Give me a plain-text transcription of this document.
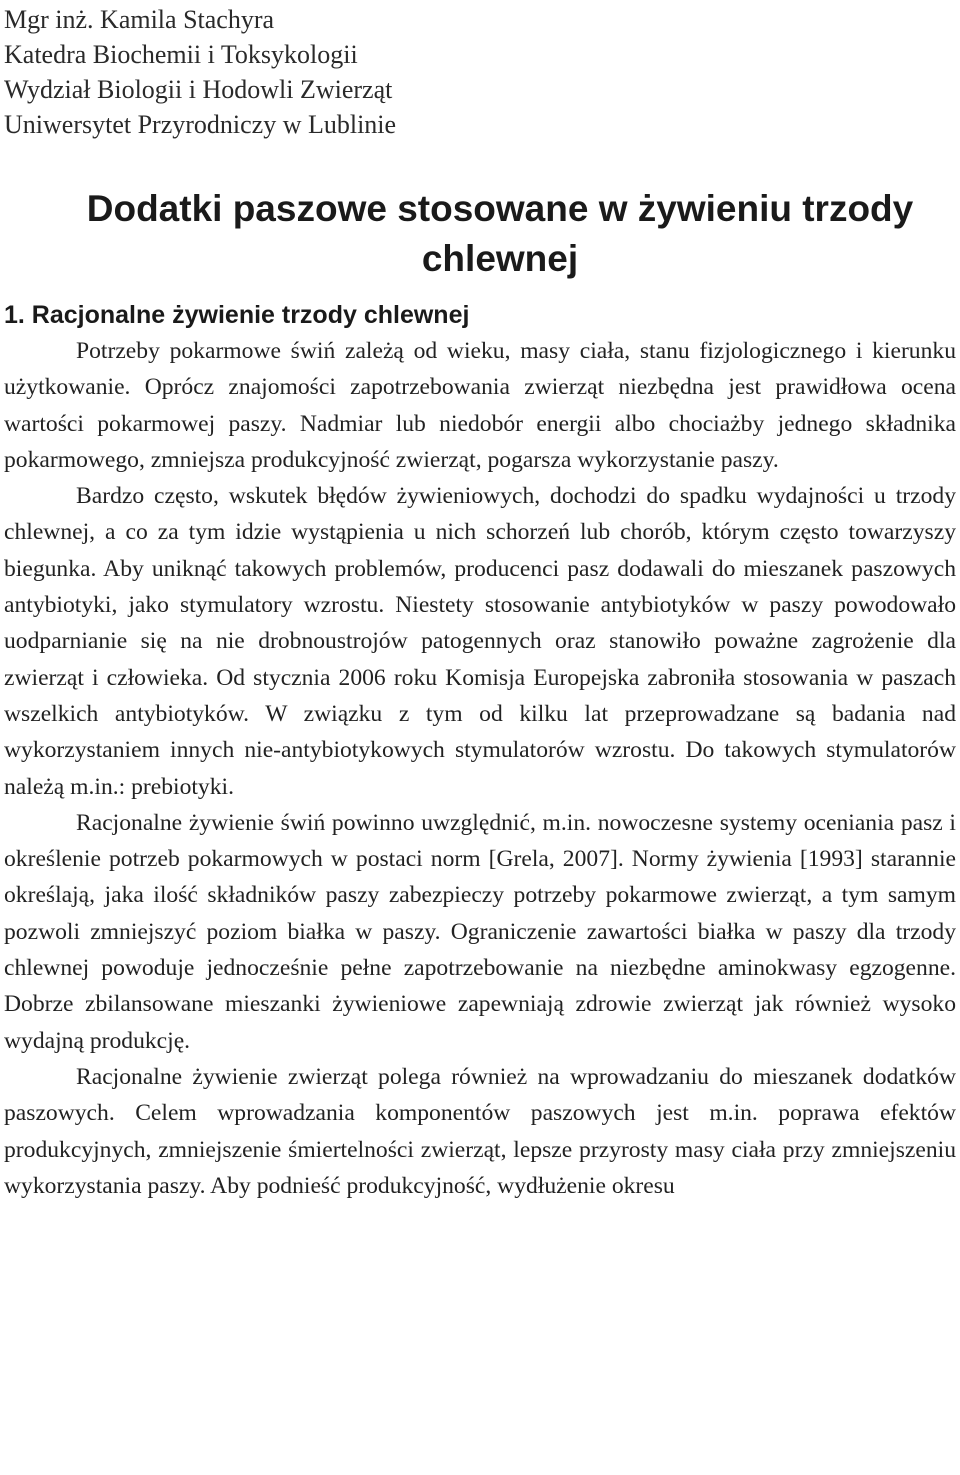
Mgr inż. Kamila Stachyra
Katedra Biochemii i Toksykologii
Wydział Biologii i Hodowli Zwierząt
Uniwersytet Przyrodniczy w Lublinie
Dodatki paszowe stosowane w żywieniu trzody chlewnej
1. Racjonalne żywienie trzody chlewnej

Potrzeby pokarmowe świń zależą od wieku, masy ciała, stanu fizjologicznego i kierunku użytkowanie. Oprócz znajomości zapotrzebowania zwierząt niezbędna jest prawidłowa ocena wartości pokarmowej paszy. Nadmiar lub niedobór energii albo chociażby jednego składnika pokarmowego, zmniejsza produkcyjność zwierząt, pogarsza wykorzystanie paszy.

Bardzo często, wskutek błędów żywieniowych, dochodzi do spadku wydajności u trzody chlewnej, a co za tym idzie wystąpienia u nich schorzeń lub chorób, którym często towarzyszy biegunka. Aby uniknąć takowych problemów, producenci pasz dodawali do mieszanek paszowych antybiotyki, jako stymulatory wzrostu. Niestety stosowanie antybiotyków w paszy powodowało uodparnianie się na nie drobnoustrojów patogennych oraz stanowiło poważne zagrożenie dla zwierząt i człowieka. Od stycznia 2006 roku Komisja Europejska zabroniła stosowania w paszach wszelkich antybiotyków. W związku z tym od kilku lat przeprowadzane są badania nad wykorzystaniem innych nie-antybiotykowych stymulatorów wzrostu. Do takowych stymulatorów należą m.in.: prebiotyki.

Racjonalne żywienie świń powinno uwzględnić, m.in. nowoczesne systemy oceniania pasz i określenie potrzeb pokarmowych w postaci norm [Grela, 2007]. Normy żywienia [1993] starannie określają, jaka ilość składników paszy zabezpieczy potrzeby pokarmowe zwierząt, a tym samym pozwoli zmniejszyć poziom białka w paszy. Ograniczenie zawartości białka w paszy dla trzody chlewnej powoduje jednocześnie pełne zapotrzebowanie na niezbędne aminokwasy egzogenne. Dobrze zbilansowane mieszanki żywieniowe zapewniają zdrowie zwierząt jak również wysoko wydajną produkcję.

Racjonalne żywienie zwierząt polega również na wprowadzaniu do mieszanek dodatków paszowych. Celem wprowadzania komponentów paszowych jest m.in. poprawa efektów produkcyjnych, zmniejszenie śmiertelności zwierząt, lepsze przyrosty masy ciała przy zmniejszeniu wykorzystania paszy. Aby podnieść produkcyjność, wydłużenie okresu
